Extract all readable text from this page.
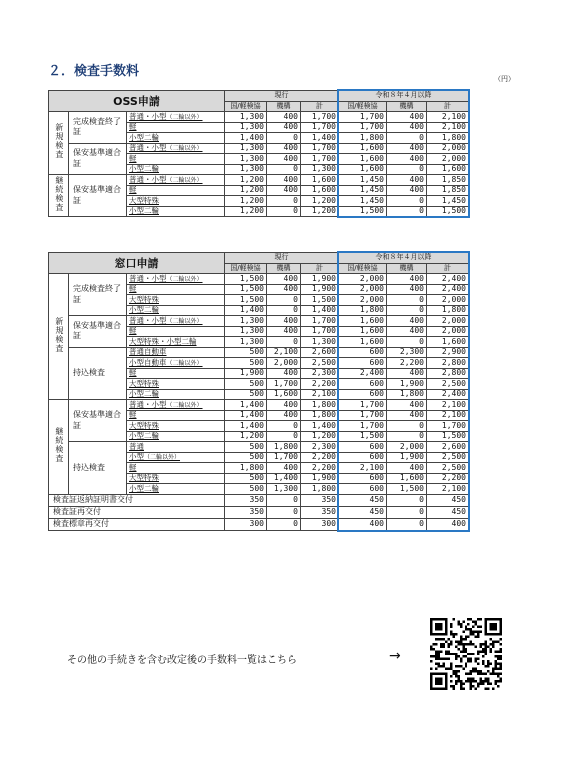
２．検査手数料	（円）
OSS申請			現行			令和８年４月以降		
			国/軽検協	機構	計	国/軽検協	機構	計
新規検査	完成検査終了証	普通・小型（二輪以外）	1,300	400	1,700	1,700	400	2,100
		軽	1,300	400	1,700	1,700	400	2,100
		小型二輪	1,400	0	1,400	1,800	0	1,800
	保安基準適合証	普通・小型（二輪以外）	1,300	400	1,700	1,600	400	2,000
		軽	1,300	400	1,700	1,600	400	2,000
		小型二輪	1,300	0	1,300	1,600	0	1,600
継続検査	保安基準適合証	普通・小型（二輪以外）	1,200	400	1,600	1,450	400	1,850
		軽	1,200	400	1,600	1,450	400	1,850
		大型特殊	1,200	0	1,200	1,450	0	1,450
		小型二輪	1,200	0	1,200	1,500	0	1,500
窓口申請			現行			令和８年４月以降		
			国/軽検協	機構	計	国/軽検協	機構	計
新規検査	完成検査終了証	普通・小型（二輪以外）	1,500	400	1,900	2,000	400	2,400
		軽	1,500	400	1,900	2,000	400	2,400
		大型特殊	1,500	0	1,500	2,000	0	2,000
		小型二輪	1,400	0	1,400	1,800	0	1,800
	保安基準適合証	普通・小型（二輪以外）	1,300	400	1,700	1,600	400	2,000
		軽	1,300	400	1,700	1,600	400	2,000
		大型特殊・小型二輪	1,300	0	1,300	1,600	0	1,600
	持込検査	普通自動車	500	2,100	2,600	600	2,300	2,900
		小型自動車（二輪以外）	500	2,000	2,500	600	2,200	2,800
		軽	1,900	400	2,300	2,400	400	2,800
		大型特殊	500	1,700	2,200	600	1,900	2,500
		小型二輪	500	1,600	2,100	600	1,800	2,400
継続検査	保安基準適合証	普通・小型（二輪以外）	1,400	400	1,800	1,700	400	2,100
		軽	1,400	400	1,800	1,700	400	2,100
		大型特殊	1,400	0	1,400	1,700	0	1,700
		小型二輪	1,200	0	1,200	1,500	0	1,500
	持込検査	普通	500	1,800	2,300	600	2,000	2,600
		小型（二輪以外）	500	1,700	2,200	600	1,900	2,500
		軽	1,800	400	2,200	2,100	400	2,500
		大型特殊	500	1,400	1,900	600	1,600	2,200
		小型二輪	500	1,300	1,800	600	1,500	2,100
検査証返納証明書交付			350	0	350	450	0	450
検査証再交付			350	0	350	450	0	450
検査標章再交付			300	0	300	400	0	400
その他の手続きを含む改定後の手数料一覧はこちら	→
